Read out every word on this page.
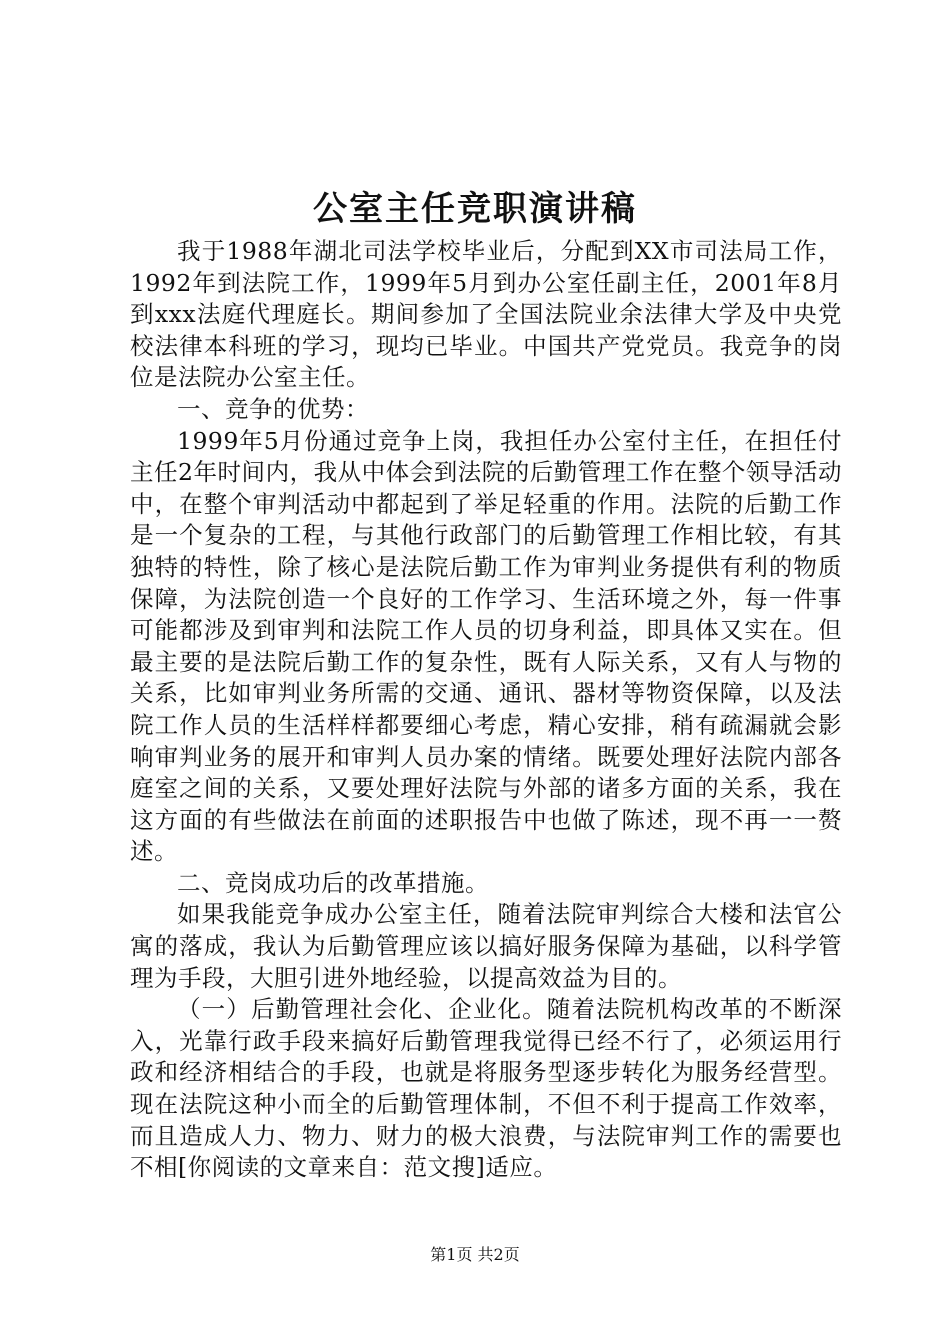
公室主任竞职演讲稿

我于1988年湖北司法学校毕业后，分配到XX市司法局工作，1992年到法院工作，1999年5月到办公室任副主任，2001年8月到xxx法庭代理庭长。期间参加了全国法院业余法律大学及中央党校法律本科班的学习，现均已毕业。中国共产党党员。我竞争的岗位是法院办公室主任。

一、竞争的优势：

1999年5月份通过竞争上岗，我担任办公室付主任，在担任付主任2年时间内，我从中体会到法院的后勤管理工作在整个领导活动中，在整个审判活动中都起到了举足轻重的作用。法院的后勤工作是一个复杂的工程，与其他行政部门的后勤管理工作相比较，有其独特的特性，除了核心是法院后勤工作为审判业务提供有利的物质保障，为法院创造一个良好的工作学习、生活环境之外，每一件事可能都涉及到审判和法院工作人员的切身利益，即具体又实在。但最主要的是法院后勤工作的复杂性，既有人际关系，又有人与物的关系，比如审判业务所需的交通、通讯、器材等物资保障，以及法院工作人员的生活样样都要细心考虑，精心安排，稍有疏漏就会影响审判业务的展开和审判人员办案的情绪。既要处理好法院内部各庭室之间的关系，又要处理好法院与外部的诸多方面的关系，我在这方面的有些做法在前面的述职报告中也做了陈述，现不再一一赘述。

二、竞岗成功后的改革措施。

如果我能竞争成办公室主任，随着法院审判综合大楼和法官公寓的落成，我认为后勤管理应该以搞好服务保障为基础，以科学管理为手段，大胆引进外地经验，以提高效益为目的。

（一）后勤管理社会化、企业化。随着法院机构改革的不断深入，光靠行政手段来搞好后勤管理我觉得已经不行了，必须运用行政和经济相结合的手段，也就是将服务型逐步转化为服务经营型。现在法院这种小而全的后勤管理体制，不但不利于提高工作效率，而且造成人力、物力、财力的极大浪费，与法院审判工作的需要也不相[你阅读的文章来自：范文搜]适应。

第1页 共2页
